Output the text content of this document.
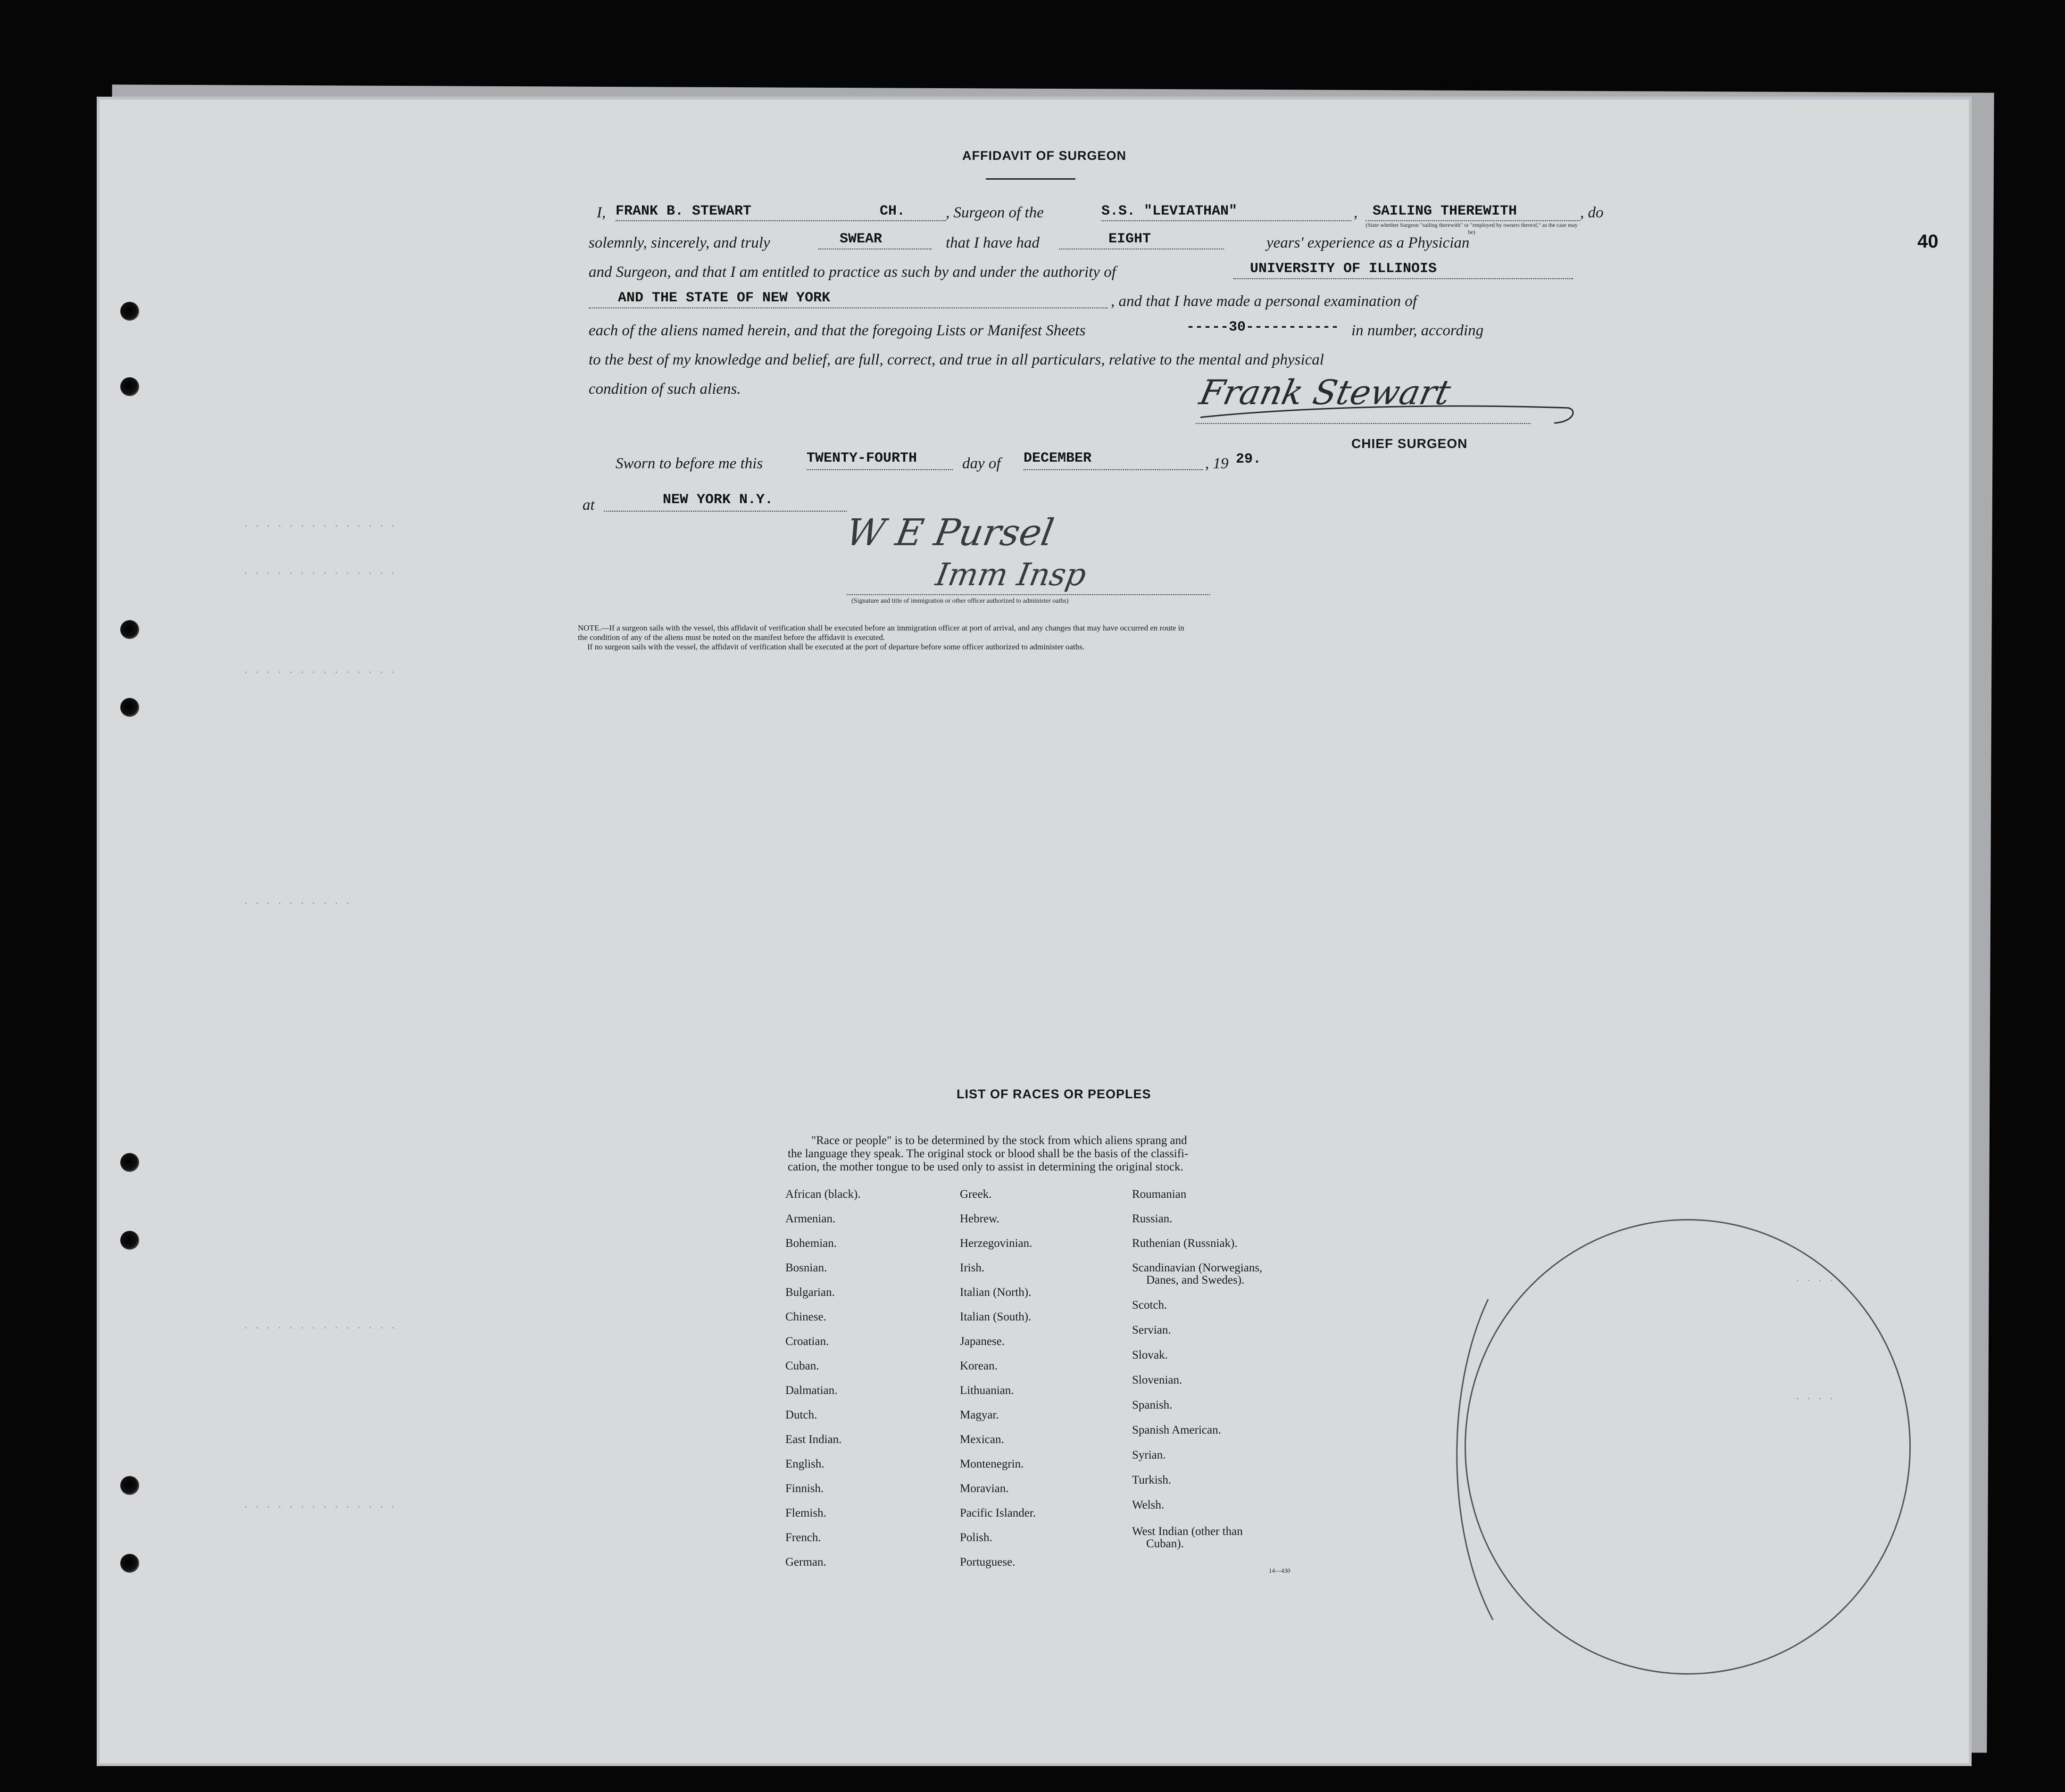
40
· · · · · · · · · · · · · ·
· · · · · · · · · · · · · ·
· · · · · · · · · · · · · ·
· · · · · · · · · ·
· · · · · · · · · · · · · ·
· · · · · · · · · · · · · ·
· · · ·
· · · ·
AFFIDAVIT OF SURGEON
I, FRANK B. STEWART	CH.	, Surgeon of the	S.S. "LEVIATHAN"	, SAILING THEREWITH	, do
(State whether Surgeon "sailing therewith" or "employed by owners thereof," as the case may be)
solemnly, sincerely, and truly	SWEAR	that I have had	EIGHT	years' experience as a Physician
and Surgeon, and that I am entitled to practice as such by and under the authority of	UNIVERSITY OF ILLINOIS
AND THE STATE OF NEW YORK	, and that I have made a personal examination of
each of the aliens named herein, and that the foregoing Lists or Manifest Sheets	-----30----------- in number, according
to the best of my knowledge and belief, are full, correct, and true in all particulars, relative to the mental and physical
condition of such aliens.	Frank Stewart
CHIEF SURGEON
Sworn to before me this	TWENTY-FOURTH	day of DECEMBER	, 19 29.
at	NEW YORK N.Y.
W E Pursel
Imm Insp
(Signature and title of immigration or other officer authorized to administer oaths)
NOTE.—If a surgeon sails with the vessel, this affidavit of verification shall be executed before an immigration officer at port of arrival, and any changes that may have occurred en route in
the condition of any of the aliens must be noted on the manifest before the affidavit is executed.
If no surgeon sails with the vessel, the affidavit of verification shall be executed at the port of departure before some officer authorized to administer oaths.
LIST OF RACES OR PEOPLES
"Race or people" is to be determined by the stock from which aliens sprang and
the language they speak. The original stock or blood shall be the basis of the classifi-
cation, the mother tongue to be used only to assist in determining the original stock.
African (black).
Armenian.
Bohemian.
Bosnian.
Bulgarian.
Chinese.
Croatian.
Cuban.
Dalmatian.
Dutch.
East Indian.
English.
Finnish.
Flemish.
French.
German.
Greek.
Hebrew.
Herzegovinian.
Irish.
Italian (North).
Italian (South).
Japanese.
Korean.
Lithuanian.
Magyar.
Mexican.
Montenegrin.
Moravian.
Pacific Islander.
Polish.
Portuguese.
Roumanian
Russian.
Ruthenian (Russniak).
Scandinavian (Norwegians,
Danes, and Swedes).
Scotch.
Servian.
Slovak.
Slovenian.
Spanish.
Spanish American.
Syrian.
Turkish.
Welsh.
West Indian (other than
Cuban).
14—430
